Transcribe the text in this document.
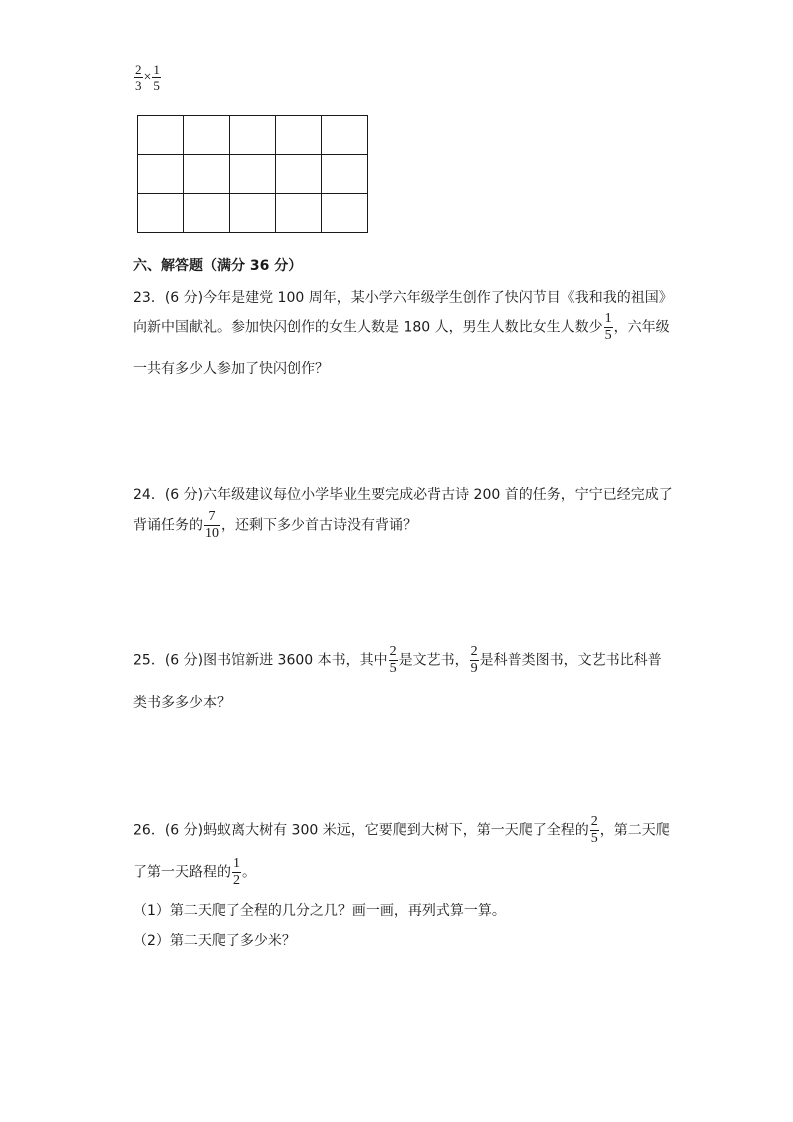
$\frac{2}{3} \times \frac{1}{5}$

六、解答题（满分 36 分）
23．(6 分)今年是建党 100 周年，某小学六年级学生创作了快闪节目《我和我的祖国》
向新中国献礼。参加快闪创作的女生人数是 180 人，男生人数比女生人数少 $\frac{1}{5}$ ，六年级
一共有多少人参加了快闪创作？
24．(6 分)六年级建议每位小学毕业生要完成必背古诗 200 首的任务，宁宁已经完成了
背诵任务的 $\frac{7}{10}$ ，还剩下多少首古诗没有背诵？
25．(6 分)图书馆新进 3600 本书，其中 $\frac{2}{5}$ 是文艺书， $\frac{2}{9}$ 是科普类图书，文艺书比科普
类书多多少本？
26．(6 分)蚂蚁离大树有 300 米远，它要爬到大树下，第一天爬了全程的 $\frac{2}{5}$ ，第二天爬
了第一天路程的 $\frac{1}{2}$ 。
（1）第二天爬了全程的几分之几？画一画，再列式算一算。
（2）第二天爬了多少米？
